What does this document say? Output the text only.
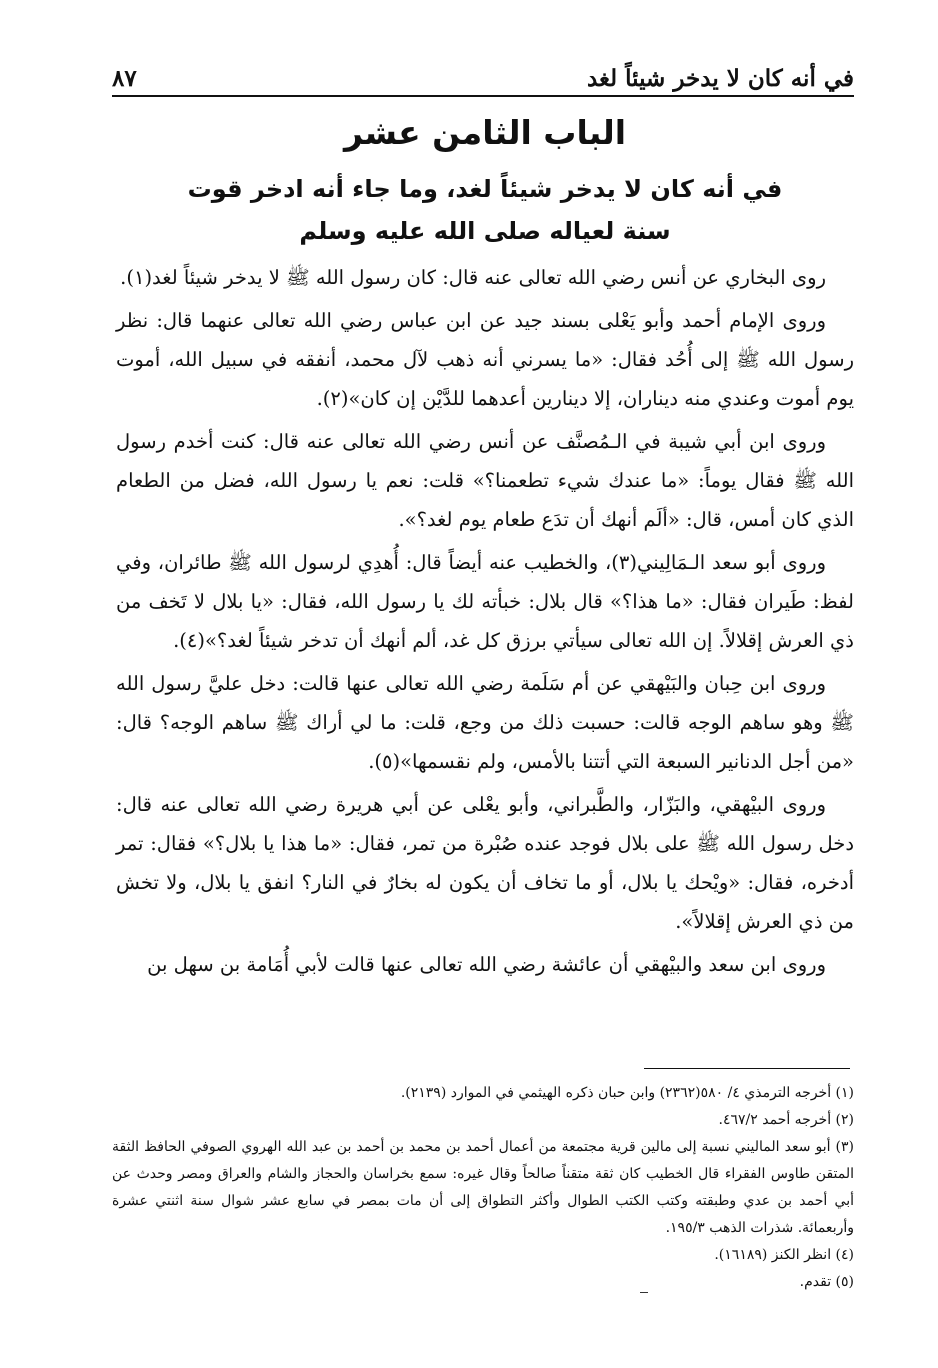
في أنه كان لا يدخر شيئاً لغد
٨٧
الباب الثامن عشر
في أنه كان لا يدخر شيئاً لغد، وما جاء أنه ادخر قوت
سنة لعياله صلى الله عليه وسلم

روى البخاري عن أنس رضي الله تعالى عنه قال: كان رسول الله ﷺ لا يدخر شيئاً لغد(١).

وروى الإمام أحمد وأبو يَعْلى بسند جيد عن ابن عباس رضي الله تعالى عنهما قال: نظر رسول الله ﷺ إلى أُحُد فقال: «ما يسرني أنه ذهب لآل محمد، أنفقه في سبيل الله، أموت يوم أموت وعندي منه ديناران، إلا دينارين أعدهما للدَّيْن إن كان»(٢).

وروى ابن أبي شيبة في الـمُصنَّف عن أنس رضي الله تعالى عنه قال: كنت أخدم رسول الله ﷺ فقال يوماً: «ما عندك شيء تطعمنا؟» قلت: نعم يا رسول الله، فضل من الطعام الذي كان أمس، قال: «ألَم أنهك أن تدَع طعام يوم لغد؟».

وروى أبو سعد الـمَالِيني(٣)، والخطيب عنه أيضاً قال: أُهدِي لرسول الله ﷺ طائران، وفي لفظ: طَيران فقال: «ما هذا؟» قال بلال: خبأته لك يا رسول الله، فقال: «يا بلال لا تَخف من ذي العرش إقلالاً. إن الله تعالى سيأتي برزق كل غد، ألم أنهك أن تدخر شيئاً لغد؟»(٤).

وروى ابن حِبان والبَيْهقي عن أم سَلَمة رضي الله تعالى عنها قالت: دخل عليَّ رسول الله ﷺ وهو ساهم الوجه قالت: حسبت ذلك من وجع، قلت: ما لي أراك ﷺ ساهم الوجه؟ قال: «من أجل الدنانير السبعة التي أتتنا بالأمس، ولم نقسمها»(٥).

وروى البيْهقي، والبَزّار، والطَّبراني، وأبو يعْلى عن أبي هريرة رضي الله تعالى عنه قال: دخل رسول الله ﷺ على بلال فوجد عنده صُبْرة من تمر، فقال: «ما هذا يا بلال؟» فقال: تمر أدخره، فقال: «ويْحك يا بلال، أو ما تخاف أن يكون له بخارٌ في النار؟ انفق يا بلال، ولا تخش من ذي العرش إقلالاً».

وروى ابن سعد والبيْهقي أن عائشة رضي الله تعالى عنها قالت لأبي أُمَامة بن سهل بن

(١) أخرجه الترمذي ٤/ ٥٨٠(٢٣٦٢) وابن حبان ذكره الهيثمي في الموارد (٢١٣٩).

(٢) أخرجه أحمد ٤٦٧/٢.

(٣) أبو سعد الماليني نسبة إلى مالين قرية مجتمعة من أعمال أحمد بن محمد بن أحمد بن عبد الله الهروي الصوفي الحافظ الثقة المتقن طاوس الفقراء قال الخطيب كان ثقة متقناً صالحاً وقال غيره: سمع بخراسان والحجاز والشام والعراق ومصر وحدث عن أبي أحمد بن عدي وطبقته وكتب الكتب الطوال وأكثر التطواق إلى أن مات بمصر في سابع عشر شوال سنة اثنتي عشرة وأربعمائة. شذرات الذهب ١٩٥/٣.

(٤) انظر الكنز (١٦١٨٩).

(٥) تقدم.
